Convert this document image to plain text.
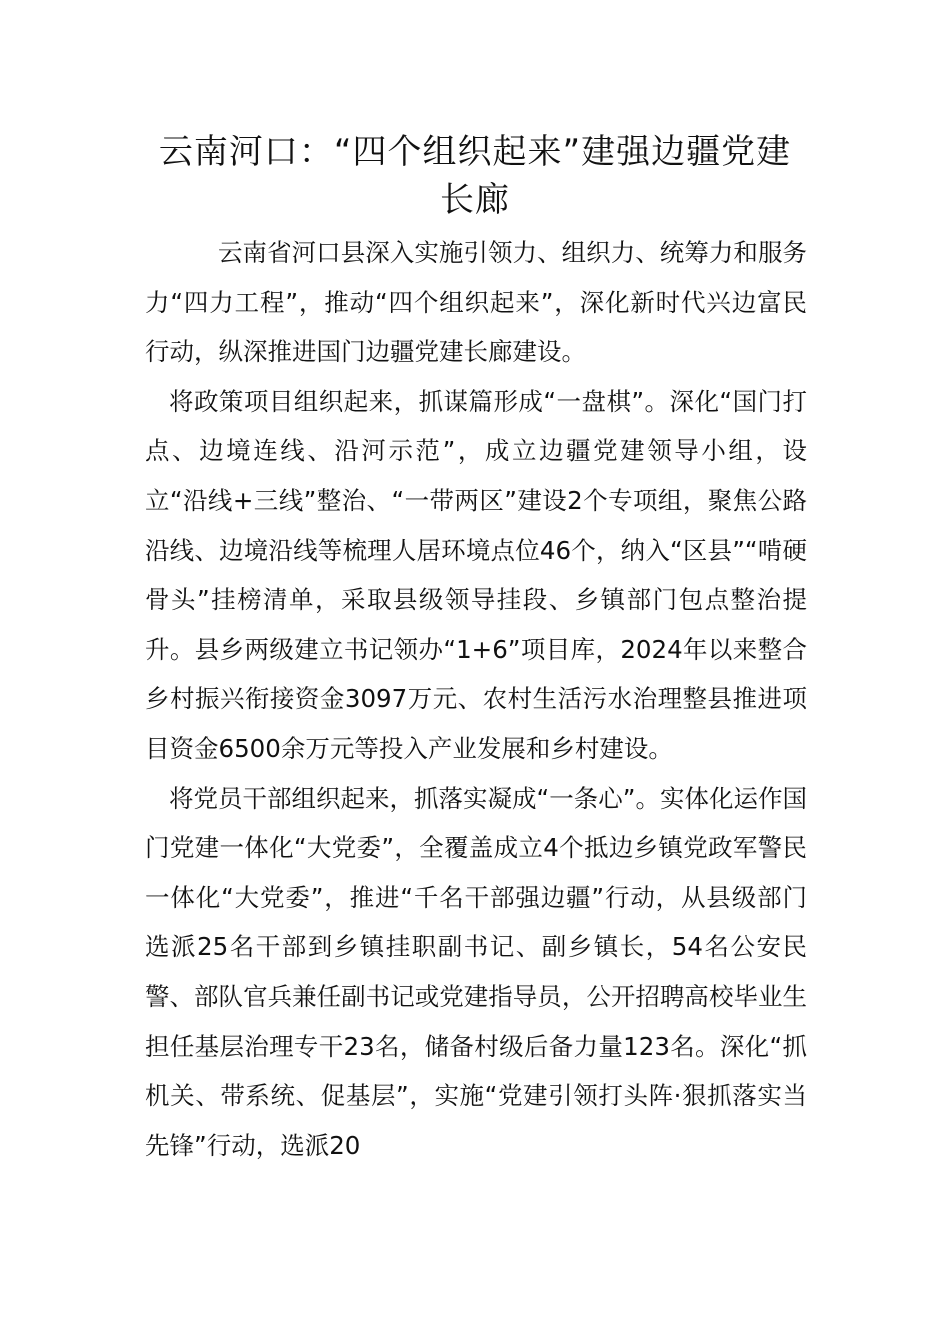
云南河口：“四个组织起来”建强边疆党建长廊

云南省河口县深入实施引领力、组织力、统筹力和服务力“四力工程”，推动“四个组织起来”，深化新时代兴边富民行动，纵深推进国门边疆党建长廊建设。

将政策项目组织起来，抓谋篇形成“一盘棋”。深化“国门打点、边境连线、沿河示范”，成立边疆党建领导小组，设立“沿线+三线”整治、“一带两区”建设2个专项组，聚焦公路沿线、边境沿线等梳理人居环境点位46个，纳入“区县”“啃硬骨头”挂榜清单，采取县级领导挂段、乡镇部门包点整治提升。县乡两级建立书记领办“1+6”项目库，2024年以来整合乡村振兴衔接资金3097万元、农村生活污水治理整县推进项目资金6500余万元等投入产业发展和乡村建设。

将党员干部组织起来，抓落实凝成“一条心”。实体化运作国门党建一体化“大党委”，全覆盖成立4个抵边乡镇党政军警民一体化“大党委”，推进“千名干部强边疆”行动，从县级部门选派25名干部到乡镇挂职副书记、副乡镇长，54名公安民警、部队官兵兼任副书记或党建指导员，公开招聘高校毕业生担任基层治理专干23名，储备村级后备力量123名。深化“抓机关、带系统、促基层”，实施“党建引领打头阵·狠抓落实当先锋”行动，选派20
